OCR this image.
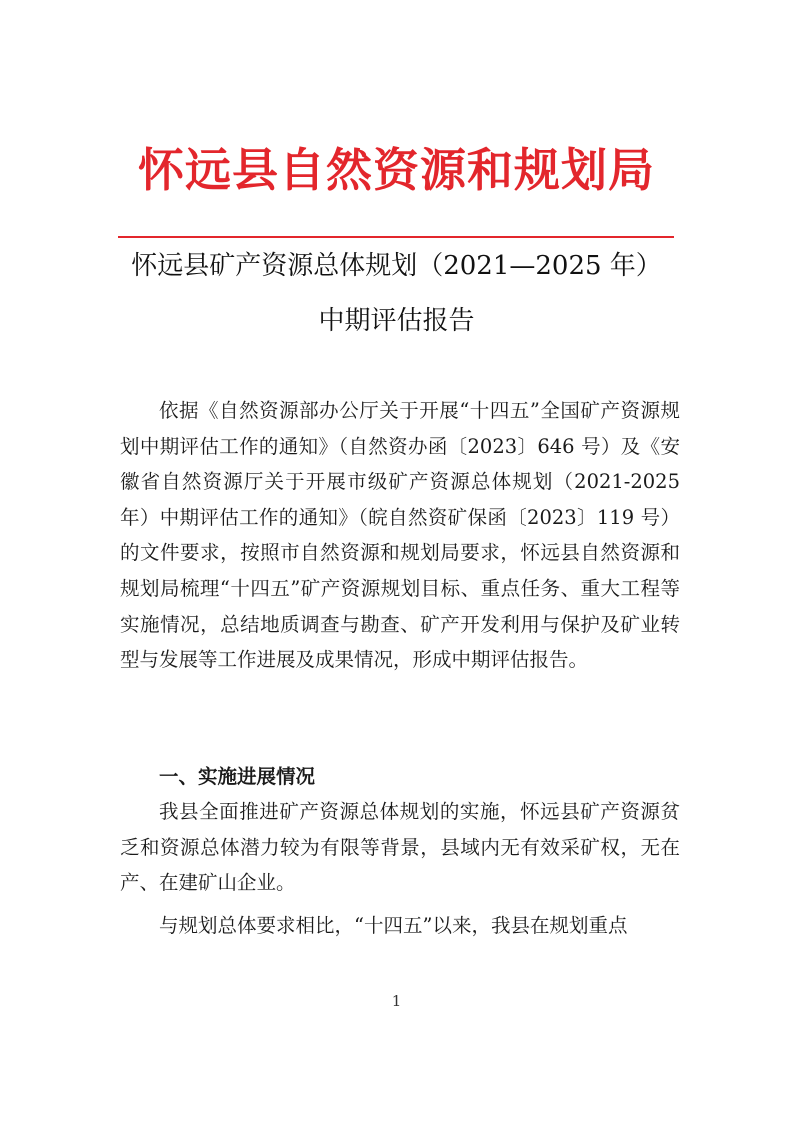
怀远县自然资源和规划局
怀远县矿产资源总体规划（2021—2025 年）
中期评估报告

依据《自然资源部办公厅关于开展“十四五”全国矿产资源规划中期评估工作的通知》（自然资办函〔2023〕646 号）及《安徽省自然资源厅关于开展市级矿产资源总体规划（2021-2025 年）中期评估工作的通知》（皖自然资矿保函〔2023〕119 号）的文件要求，按照市自然资源和规划局要求，怀远县自然资源和规划局梳理“十四五”矿产资源规划目标、重点任务、重大工程等实施情况，总结地质调查与勘查、矿产开发利用与保护及矿业转型与发展等工作进展及成果情况，形成中期评估报告。

一、实施进展情况

我县全面推进矿产资源总体规划的实施，怀远县矿产资源贫乏和资源总体潜力较为有限等背景，县域内无有效采矿权，无在产、在建矿山企业。

与规划总体要求相比，“十四五”以来，我县在规划重点

1
